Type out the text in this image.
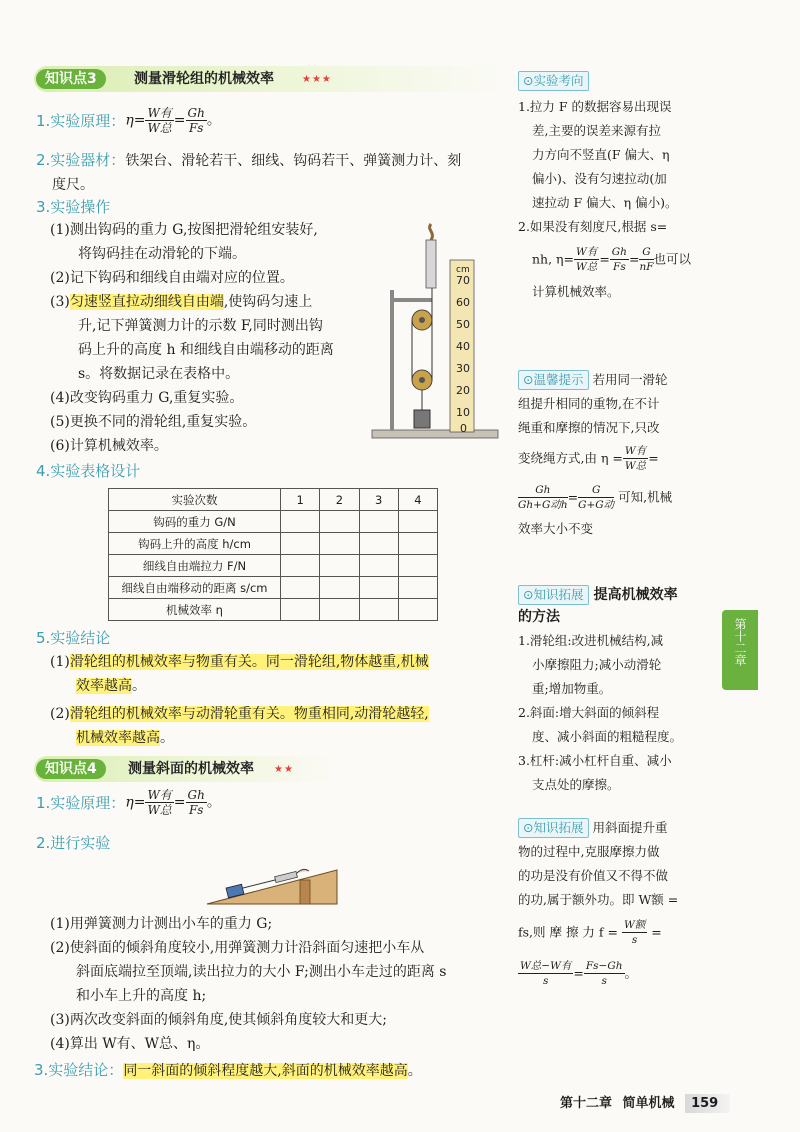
知识点3	测量滑轮组的机械效率	★★★
1.实验原理：$\eta= \frac{\text{W有}}{\text{W总}} = \frac{Gh}{Fs}$ 。
2.实验器材：铁架台、滑轮若干、细线、钩码若干、弹簧测力计、刻
度尺。
3.实验操作
(1)测出钩码的重力 G,按图把滑轮组安装好,
将钩码挂在动滑轮的下端。
(2)记下钩码和细线自由端对应的位置。
(3)匀速竖直拉动细线自由端,使钩码匀速上
升,记下弹簧测力计的示数 F,同时测出钩
码上升的高度 h 和细线自由端移动的距离
s。将数据记录在表格中。
(4)改变钩码重力 G,重复实验。
(5)更换不同的滑轮组,重复实验。
(6)计算机械效率。
cm
70
60
50
40
30
20
10
0
4.实验表格设计
实验次数	1	2	3	4
钩码的重力 G/N				
钩码上升的高度 h/cm				
细线自由端拉力 F/N				
细线自由端移动的距离 s/cm				
机械效率 η				
5.实验结论
(1)滑轮组的机械效率与物重有关。同一滑轮组,物体越重,机械
效率越高。
(2)滑轮组的机械效率与动滑轮重有关。物重相同,动滑轮越轻,
机械效率越高。
知识点4	测量斜面的机械效率 ★★
1.实验原理：$\eta= \frac{\text{W有}}{\text{W总}} = \frac{Gh}{Fs}$ 。
2.进行实验
(1)用弹簧测力计测出小车的重力 G;
(2)使斜面的倾斜角度较小,用弹簧测力计沿斜面匀速把小车从
斜面底端拉至顶端,读出拉力的大小 F;测出小车走过的距离 s
和小车上升的高度 h;
(3)两次改变斜面的倾斜角度,使其倾斜角度较大和更大;
(4)算出 W有、W总、η。
3.实验结论：同一斜面的倾斜程度越大,斜面的机械效率越高。
⊙实验考向
1.拉力 F 的数据容易出现误
差,主要的误差来源有拉
力方向不竖直(F 偏大、η
偏小)、没有匀速拉动(加
速拉动 F 偏大、η 偏小)。
2.如果没有刻度尺,根据 s=
nh, $\eta= \frac{\text{W有}}{\text{W总}} = \frac{Gh}{Fs} = \frac{G}{nF}$ 也可以
计算机械效率。
⊙温馨提示 若用同一滑轮
组提升相同的重物,在不计
绳重和摩擦的情况下,只改
变绕绳方式,由 $\eta = \frac{\text{W有}}{\text{W总}}$ =
$\frac{Gh}{\text{Gh+G动h}} = \frac{G}{\text{G+G动}}$ 可知,机械
效率大小不变
⊙知识拓展 提高机械效率
的方法
1.滑轮组:改进机械结构,减
小摩擦阻力;减小动滑轮
重;增加物重。
2.斜面:增大斜面的倾斜程
度、减小斜面的粗糙程度。
3.杠杆:减小杠杆自重、减小
支点处的摩擦。
⊙知识拓展 用斜面提升重
物的过程中,克服摩擦力做
的功是没有价值又不得不做
的功,属于额外功。即 W额 =
fs,则 摩 擦 力 $f = \frac{\text{W额}}{s}$ =
$\frac{\text{W总−W有}}{s} = \frac{Fs-Gh}{s}$ 。
第十二章
第十二章 简单机械 159
